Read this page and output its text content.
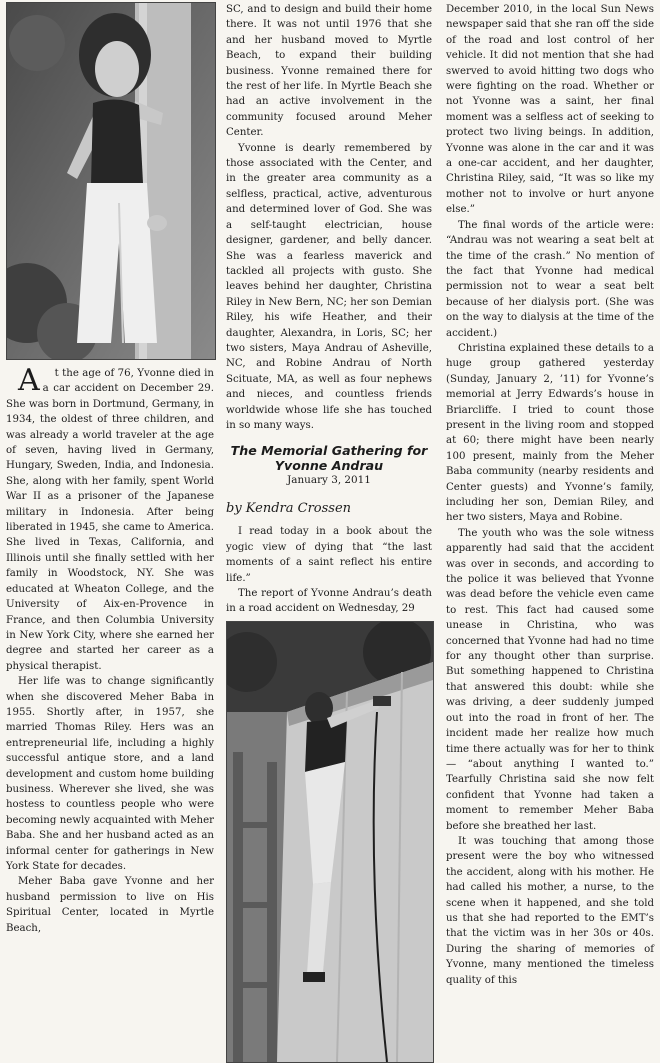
A t the age of 76, Yvonne died in a car accident on December 29. She was born in Dortmund, Germany, in 1934, the oldest of three children, and was already a world traveler at the age of seven, having lived in Germany, Hungary, Sweden, India, and Indonesia. She, along with her family, spent World War II as a prisoner of the Japanese military in Indonesia. After being liberated in 1945, she came to America. She lived in Texas, California, and Illinois until she finally settled with her family in Woodstock, NY. She was educated at Wheaton College, and the University of Aix-en-Provence in France, and then Columbia University in New York City, where she earned her degree and started her career as a physical therapist.

Her life was to change significantly when she discovered Meher Baba in 1955. Shortly after, in 1957, she married Thomas Riley. Hers was an entrepreneurial life, including a highly successful antique store, and a land development and custom home building business. Wherever she lived, she was hostess to countless people who were becoming newly acquainted with Meher Baba. She and her husband acted as an informal center for gatherings in New York State for decades.

Meher Baba gave Yvonne and her husband permission to live on His Spiritual Center, located in Myrtle Beach,

SC, and to design and build their home there. It was not until 1976 that she and her husband moved to Myrtle Beach, to expand their building business. Yvonne remained there for the rest of her life. In Myrtle Beach she had an active involvement in the community focused around Meher Center.

Yvonne is dearly remembered by those associated with the Center, and in the greater area community as a selfless, practical, active, adventurous and determined lover of God. She was a self-taught electrician, house designer, gardener, and belly dancer. She was a fearless maverick and tackled all projects with gusto. She leaves behind her daughter, Christina Riley in New Bern, NC; her son Demian Riley, his wife Heather, and their daughter, Alexandra, in Loris, SC; her two sisters, Maya Andrau of Asheville, NC, and Robine Andrau of North Scituate, MA, as well as four nephews and nieces, and countless friends worldwide whose life she has touched in so many ways.

The Memorial Gathering for Yvonne Andrau
January 3, 2011
by Kendra Crossen

I read today in a book about the yogic view of dying that “the last moments of a saint reflect his entire life.”

The report of Yvonne Andrau’s death in a road accident on Wednesday, 29

December 2010, in the local Sun News newspaper said that she ran off the side of the road and lost control of her vehicle. It did not mention that she had swerved to avoid hitting two dogs who were fighting on the road. Whether or not Yvonne was a saint, her final moment was a selfless act of seeking to protect two living beings. In addition, Yvonne was alone in the car and it was a one-car accident, and her daughter, Christina Riley, said, “It was so like my mother not to involve or hurt anyone else.”

The final words of the article were: “Andrau was not wearing a seat belt at the time of the crash.” No mention of the fact that Yvonne had medical permission not to wear a seat belt because of her dialysis port. (She was on the way to dialysis at the time of the accident.)

Christina explained these details to a huge group gathered yesterday (Sunday, January 2, ’11) for Yvonne’s memorial at Jerry Edwards’s house in Briarcliffe. I tried to count those present in the living room and stopped at 60; there might have been nearly 100 present, mainly from the Meher Baba community (nearby residents and Center guests) and Yvonne’s family, including her son, Demian Riley, and her two sisters, Maya and Robine.

The youth who was the sole witness apparently had said that the accident was over in seconds, and according to the police it was believed that Yvonne was dead before the vehicle even came to rest. This fact had caused some unease in Christina, who was concerned that Yvonne had had no time for any thought other than surprise. But something happened to Christina that answered this doubt: while she was driving, a deer suddenly jumped out into the road in front of her. The incident made her realize how much time there actually was for her to think — “about anything I wanted to.” Tearfully Christina said she now felt confident that Yvonne had taken a moment to remember Meher Baba before she breathed her last.

It was touching that among those present were the boy who witnessed the accident, along with his mother. He had called his mother, a nurse, to the scene when it happened, and she told us that she had reported to the EMT’s that the victim was in her 30s or 40s. During the sharing of memories of Yvonne, many mentioned the timeless quality of this
